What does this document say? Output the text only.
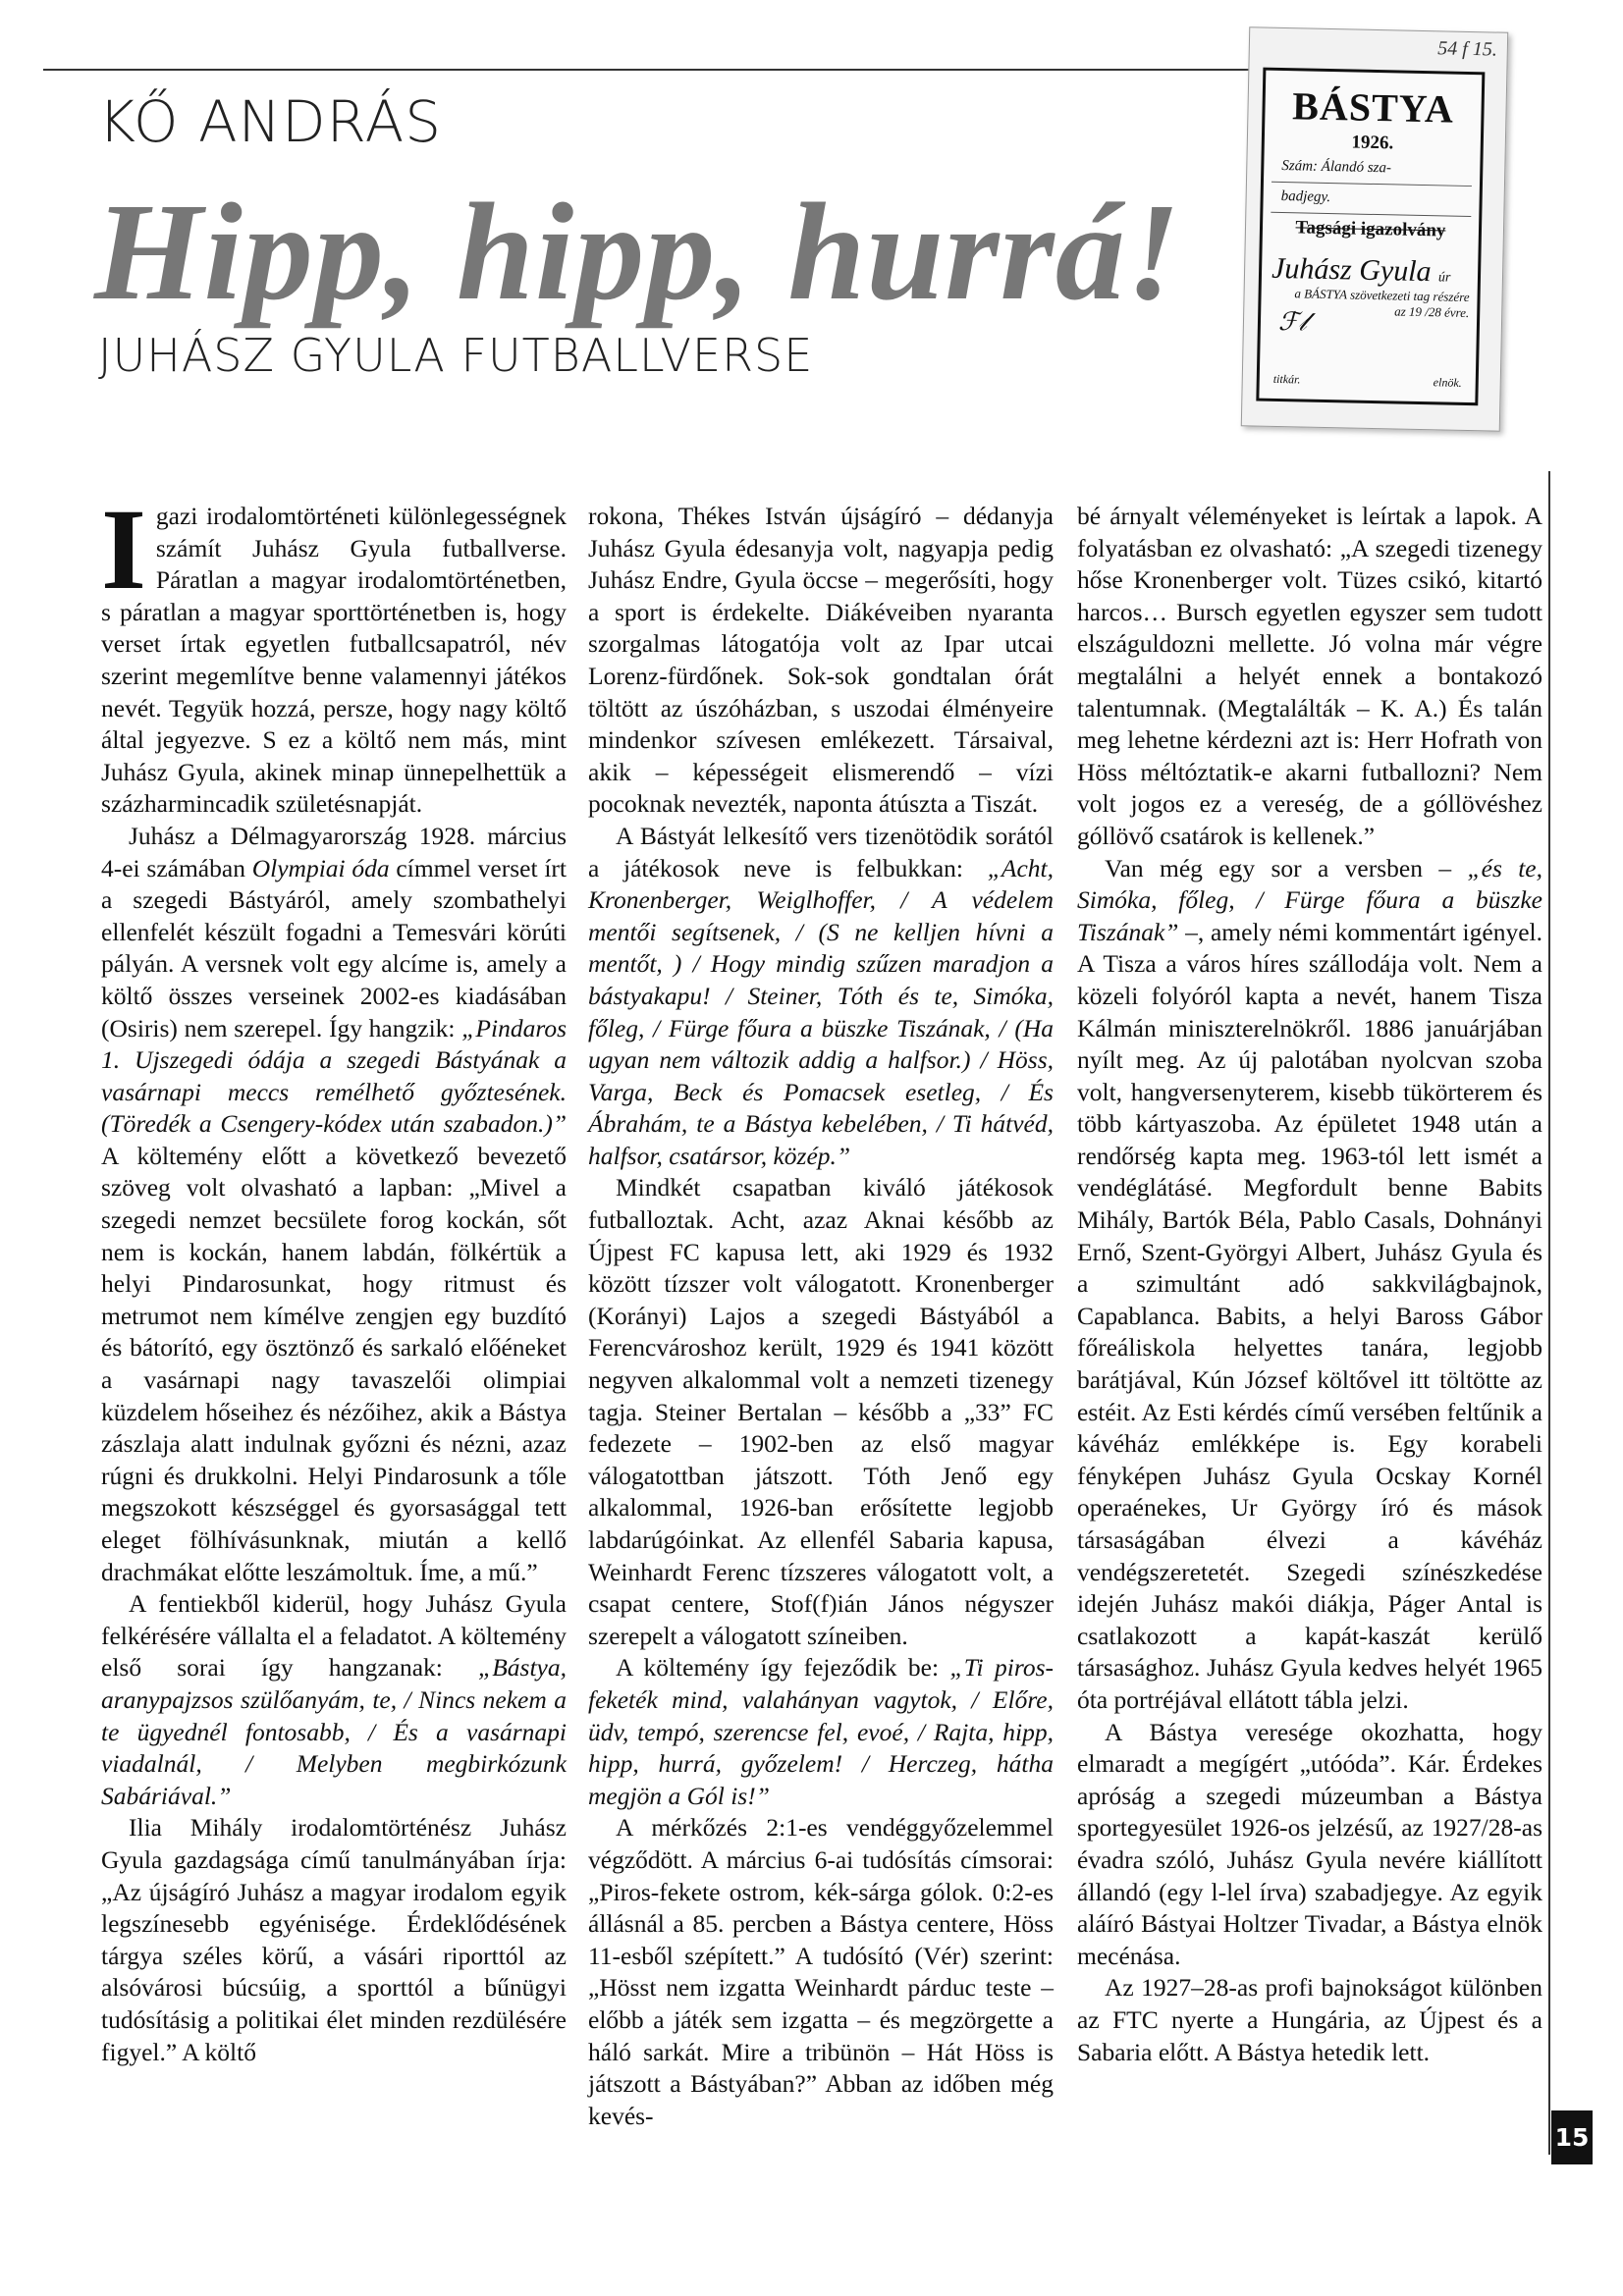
KŐ ANDRÁS
Hipp, hipp, hurrá!
JUHÁSZ GYULA FUTBALLVERSE
54 f 15.
BÁSTYA
1926.
Szám: Álandó sza-
badjegy.
Tagsági igazolvány
Juhász Gyula úr
a BÁSTYA szövetkezeti tag részére
az 19 /28 évre.
ℱ𝓁
titkár.	elnök.

Igazi irodalomtörténeti különlegességnek számít Juhász Gyula futballverse. Páratlan a magyar irodalomtörténetben, s páratlan a magyar sporttörténetben is, hogy verset írtak egyetlen futballcsapatról, név szerint megemlítve benne valamennyi játékos nevét. Tegyük hozzá, persze, hogy nagy költő által jegyezve. S ez a költő nem más, mint Juhász Gyula, akinek minap ünnepelhettük a százharmincadik születésnapját.

Juhász a Délmagyarország 1928. március 4-ei számában Olympiai óda címmel verset írt a szegedi Bástyáról, amely szombathelyi ellenfelét készült fogadni a Temesvári körúti pályán. A versnek volt egy alcíme is, amely a költő összes verseinek 2002-es kiadásában (Osiris) nem szerepel. Így hangzik: „Pindaros 1. Ujszegedi ódája a szegedi Bástyának a vasárnapi meccs remélhető győztesének. (Töredék a Csengery-kódex után szabadon.)” A költemény előtt a következő bevezető szöveg volt olvasható a lapban: „Mivel a szegedi nemzet becsülete forog kockán, sőt nem is kockán, hanem labdán, fölkértük a helyi Pindarosunkat, hogy ritmust és metrumot nem kímélve zengjen egy buzdító és bátorító, egy ösztönző és sarkaló előéneket a vasárnapi nagy tavaszelői olimpiai küzdelem hőseihez és nézőihez, akik a Bástya zászlaja alatt indulnak győzni és nézni, azaz rúgni és drukkolni. Helyi Pindarosunk a tőle megszokott készséggel és gyorsasággal tett eleget fölhívásunknak, miután a kellő drachmákat előtte leszámoltuk. Íme, a mű.”

A fentiekből kiderül, hogy Juhász Gyula felkérésére vállalta el a feladatot. A költemény első sorai így hangzanak: „Bástya, aranypajzsos szülőanyám, te, / Nincs nekem a te ügyednél fontosabb, / És a vasárnapi viadalnál, / Melyben megbirkózunk Sabáriával.”

Ilia Mihály irodalomtörténész Juhász Gyula gazdagsága című tanulmányában írja: „Az újságíró Juhász a magyar irodalom egyik legszínesebb egyénisége. Érdeklődésének tárgya széles körű, a vásári riporttól az alsóvárosi búcsúig, a sporttól a bűnügyi tudósításig a politikai élet minden rezdülésére figyel.” A költő

rokona, Thékes István újságíró – dédanyja Juhász Gyula édesanyja volt, nagyapja pedig Juhász Endre, Gyula öccse – megerősíti, hogy a sport is érdekelte. Diákéveiben nyaranta szorgalmas látogatója volt az Ipar utcai Lorenz-fürdőnek. Sok-sok gondtalan órát töltött az úszóházban, s uszodai élményeire mindenkor szívesen emlékezett. Társaival, akik – képességeit elismerendő – vízi pocoknak nevezték, naponta átúszta a Tiszát.

A Bástyát lelkesítő vers tizenötödik sorától a játékosok neve is felbukkan: „Acht, Kronenberger, Weiglhoffer, / A védelem mentői segítsenek, / (S ne kelljen hívni a mentőt, ) / Hogy mindig szűzen maradjon a bástyakapu! / Steiner, Tóth és te, Simóka, főleg, / Fürge főura a büszke Tiszának, / (Ha ugyan nem változik addig a halfsor.) / Höss, Varga, Beck és Pomacsek esetleg, / És Ábrahám, te a Bástya kebelében, / Ti hátvéd, halfsor, csatársor, közép.”

Mindkét csapatban kiváló játékosok futballoztak. Acht, azaz Aknai később az Újpest FC kapusa lett, aki 1929 és 1932 között tízszer volt válogatott. Kronenberger (Korányi) Lajos a szegedi Bástyából a Ferencvároshoz került, 1929 és 1941 között negyven alkalommal volt a nemzeti tizenegy tagja. Steiner Bertalan – később a „33” FC fedezete – 1902-ben az első magyar válogatottban játszott. Tóth Jenő egy alkalommal, 1926-ban erősítette legjobb labdarúgóinkat. Az ellenfél Sabaria kapusa, Weinhardt Ferenc tízszeres válogatott volt, a csapat centere, Stof(f)ián János négyszer szerepelt a válogatott színeiben.

A költemény így fejeződik be: „Ti piros-feketék mind, valahányan vagytok, / Előre, üdv, tempó, szerencse fel, evoé, / Rajta, hipp, hipp, hurrá, győzelem! / Herczeg, hátha megjön a Gól is!”

A mérkőzés 2:1-es vendéggyőzelemmel végződött. A március 6-ai tudósítás címsorai: „Piros-fekete ostrom, kék-sárga gólok. 0:2-es állásnál a 85. percben a Bástya centere, Höss 11-esből szépített.” A tudósító (Vér) szerint: „Hösst nem izgatta Weinhardt párduc teste – előbb a játék sem izgatta – és megzörgette a háló sarkát. Mire a tribünön – Hát Höss is játszott a Bástyában?” Abban az időben még kevés-

bé árnyalt véleményeket is leírtak a lapok. A folyatásban ez olvasható: „A szegedi tizenegy hőse Kronenberger volt. Tüzes csikó, kitartó harcos… Bursch egyetlen egyszer sem tudott elszáguldozni mellette. Jó volna már végre megtalálni a helyét ennek a bontakozó talentumnak. (Megtalálták – K. A.) És talán meg lehetne kérdezni azt is: Herr Hofrath von Höss méltóztatik-e akarni futballozni? Nem volt jogos ez a vereség, de a góllövéshez góllövő csatárok is kellenek.”

Van még egy sor a versben – „és te, Simóka, főleg, / Fürge főura a büszke Tiszának” –, amely némi kommentárt igényel. A Tisza a város híres szállodája volt. Nem a közeli folyóról kapta a nevét, hanem Tisza Kálmán miniszterelnökről. 1886 januárjában nyílt meg. Az új palotában nyolcvan szoba volt, hangversenyterem, kisebb tükörterem és több kártyaszoba. Az épületet 1948 után a rendőrség kapta meg. 1963-tól lett ismét a vendéglátásé. Megfordult benne Babits Mihály, Bartók Béla, Pablo Casals, Dohnányi Ernő, Szent-Györgyi Albert, Juhász Gyula és a szimultánt adó sakkvilágbajnok, Capablanca. Babits, a helyi Baross Gábor főreáliskola helyettes tanára, legjobb barátjával, Kún József költővel itt töltötte az estéit. Az Esti kérdés című versében feltűnik a kávéház emlékképe is. Egy korabeli fényképen Juhász Gyula Ocskay Kornél operaénekes, Ur György író és mások társaságában élvezi a kávéház vendégszeretetét. Szegedi színészkedése idején Juhász makói diákja, Páger Antal is csatlakozott a kapát-kaszát kerülő társasághoz. Juhász Gyula kedves helyét 1965 óta portréjával ellátott tábla jelzi.

A Bástya veresége okozhatta, hogy elmaradt a megígért „utóóda”. Kár. Érdekes apróság a szegedi múzeumban a Bástya sportegyesület 1926-os jelzésű, az 1927/28-as évadra szóló, Juhász Gyula nevére kiállított állandó (egy l-lel írva) szabadjegye. Az egyik aláíró Bástyai Holtzer Tivadar, a Bástya elnök mecénása.

Az 1927–28-as profi bajnokságot különben az FTC nyerte a Hungária, az Újpest és a Sabaria előtt. A Bástya hetedik lett.

15
